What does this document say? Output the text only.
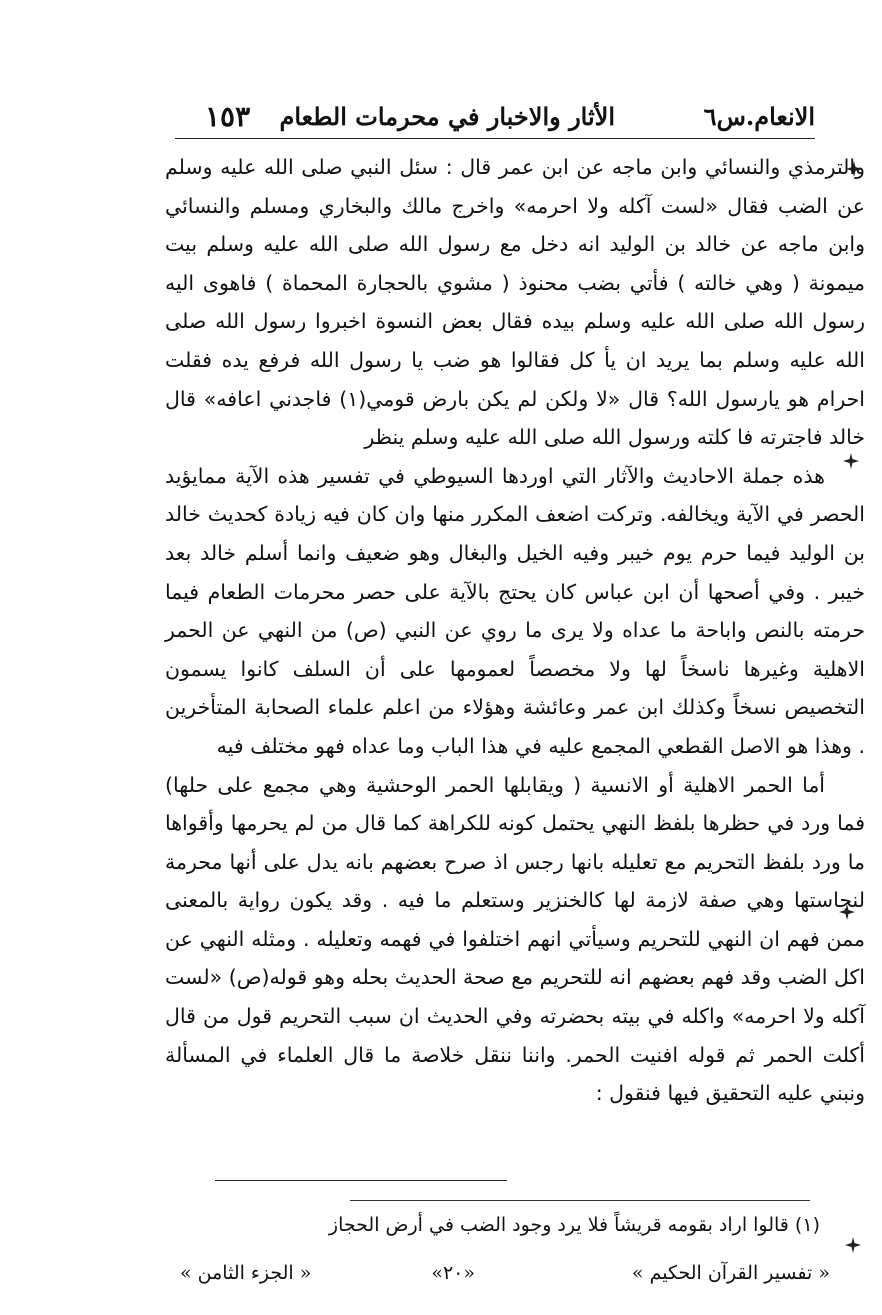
الانعام.س٦
الأثار والاخبار في محرمات الطعام
١٥٣

والترمذي والنسائي وابن ماجه عن ابن عمر قال : سئل النبي صلى الله عليه وسلم عن الضب فقال «لست آكله ولا احرمه» واخرج مالك والبخاري ومسلم والنسائي وابن ماجه عن خالد بن الوليد انه دخل مع رسول الله صلى الله عليه وسلم بيت ميمونة ( وهي خالته ) فأتي بضب محنوذ ( مشوي بالحجارة المحماة ) فاهوى اليه رسول الله صلى الله عليه وسلم بيده فقال بعض النسوة اخبروا رسول الله صلى الله عليه وسلم بما يريد ان يأ كل فقالوا هو ضب يا رسول الله فرفع يده فقلت احرام هو يارسول الله؟ قال «لا ولكن لم يكن بارض قومي(١) فاجدني اعافه» قال خالد فاجترته فا كلته ورسول الله صلى الله عليه وسلم ينظر

هذه جملة الاحاديث والآثار التي اوردها السيوطي في تفسير هذه الآية ممايؤيد الحصر في الآية ويخالفه. وتركت اضعف المكرر منها وان كان فيه زيادة كحديث خالد بن الوليد فيما حرم يوم خيبر وفيه الخيل والبغال وهو ضعيف وانما أسلم خالد بعد خيبر . وفي أصحها أن ابن عباس كان يحتج بالآية على حصر محرمات الطعام فيما حرمته بالنص واباحة ما عداه ولا يرى ما روي عن النبي (ص) من النهي عن الحمر الاهلية وغيرها ناسخاً لها ولا مخصصاً لعمومها على أن السلف كانوا يسمون التخصيص نسخاً وكذلك ابن عمر وعائشة وهؤلاء من اعلم علماء الصحابة المتأخرين . وهذا هو الاصل القطعي المجمع عليه في هذا الباب وما عداه فهو مختلف فيه

أما الحمر الاهلية أو الانسية ( ويقابلها الحمر الوحشية وهي مجمع على حلها) فما ورد في حظرها بلفظ النهي يحتمل كونه للكراهة كما قال من لم يحرمها وأقواها ما ورد بلفظ التحريم مع تعليله بانها رجس اذ صرح بعضهم بانه يدل على أنها محرمة لنجاستها وهي صفة لازمة لها كالخنزير وستعلم ما فيه . وقد يكون رواية بالمعنى ممن فهم ان النهي للتحريم وسيأتي انهم اختلفوا في فهمه وتعليله . ومثله النهي عن اكل الضب وقد فهم بعضهم انه للتحريم مع صحة الحديث بحله وهو قوله(ص) «لست آكله ولا احرمه» واكله في بيته بحضرته وفي الحديث ان سبب التحريم قول من قال أكلت الحمر ثم قوله افنيت الحمر. واننا ننقل خلاصة ما قال العلماء في المسألة ونبني عليه التحقيق فيها فنقول :

(١) قالوا اراد بقومه قريشاً فلا يرد وجود الضب في أرض الحجاز
« تفسير القرآن الحكيم »
«٢٠»
« الجزء الثامن »
